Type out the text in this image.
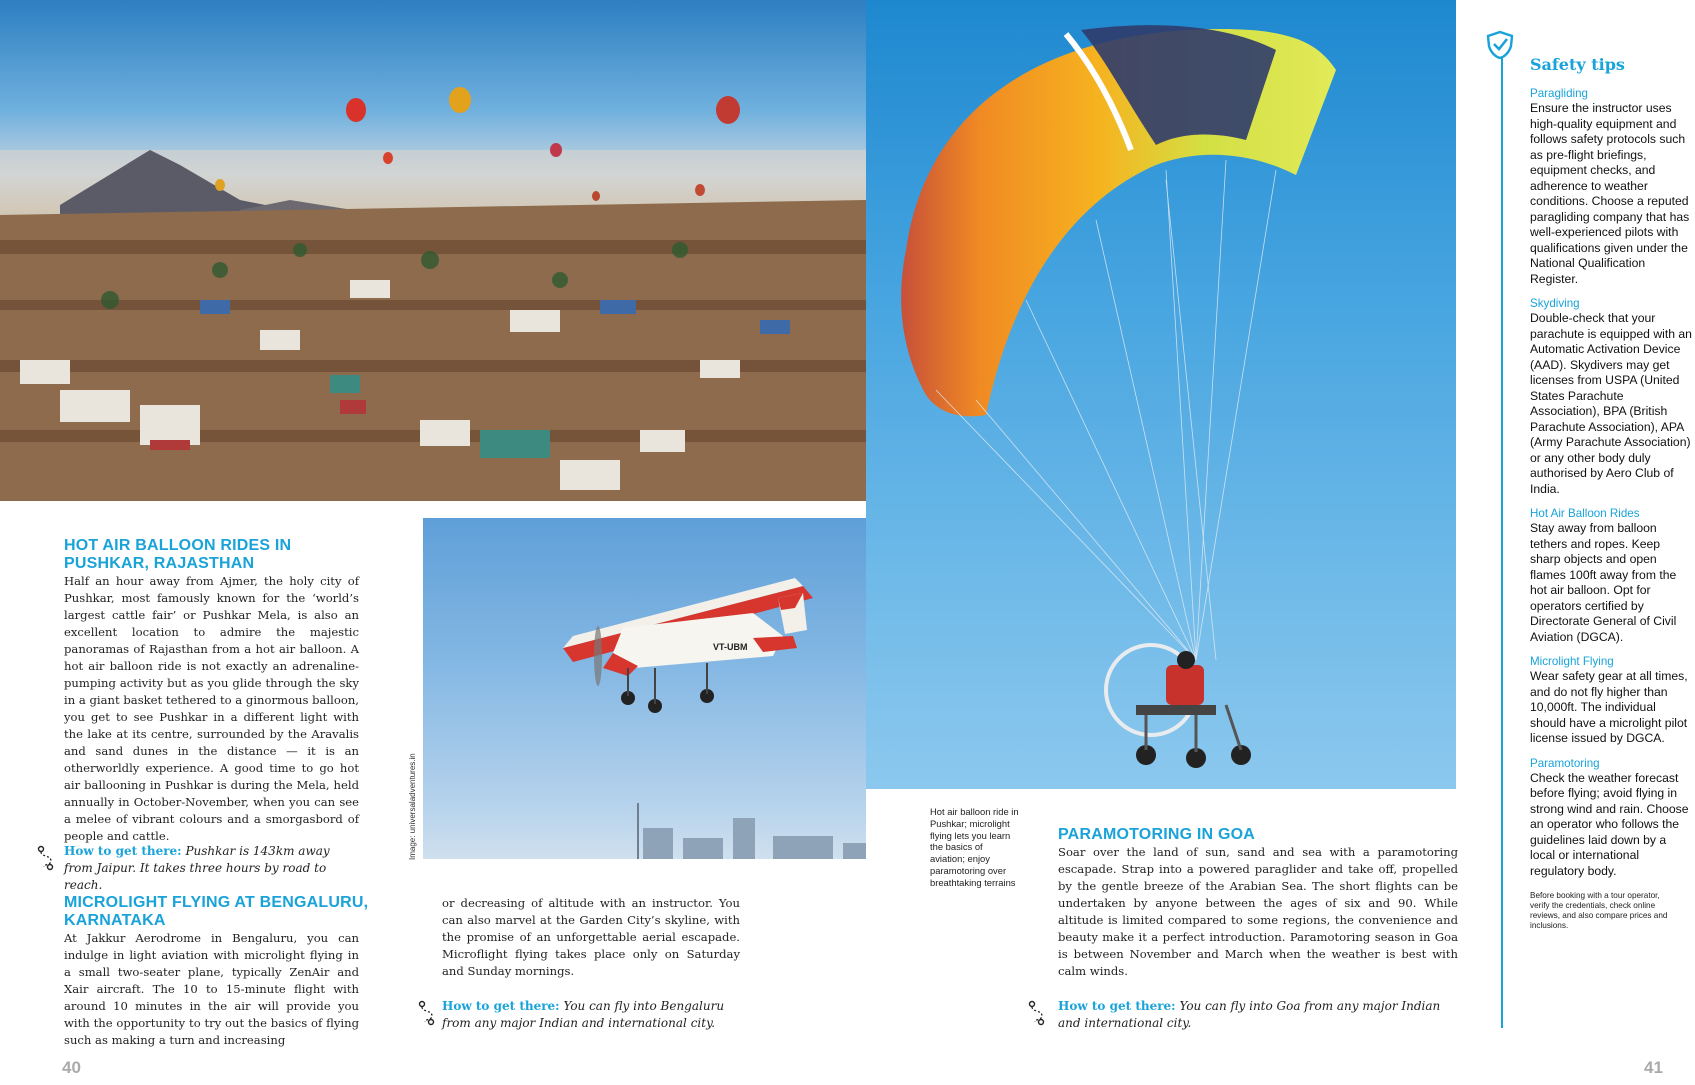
VT-UBM
Image: universaladventures.in
HOT AIR BALLOON RIDES IN PUSHKAR, RAJASTHAN
Half an hour away from Ajmer, the holy city of Pushkar, most famously known for the ‘world’s largest cattle fair’ or Pushkar Mela, is also an excellent location to admire the majestic panoramas of Rajasthan from a hot air balloon. A hot air balloon ride is not exactly an adrenaline-pumping activity but as you glide through the sky in a giant basket tethered to a ginormous balloon, you get to see Pushkar in a different light with the lake at its centre, surrounded by the Aravalis and sand dunes in the distance — it is an otherworldly experience. A good time to go hot air ballooning in Pushkar is during the Mela, held annually in October-November, when you can see a melee of vibrant colours and a smorgasbord of people and cattle.
How to get there: Pushkar is 143km away from Jaipur. It takes three hours by road to reach.
MICROLIGHT FLYING AT BENGALURU, KARNATAKA
At Jakkur Aerodrome in Bengaluru, you can indulge in light aviation with microlight flying in a small two-seater plane, typically ZenAir and Xair aircraft. The 10 to 15-minute flight with around 10 minutes in the air will provide you with the opportunity to try out the basics of flying such as making a turn and increasing
or decreasing of altitude with an instructor. You can also marvel at the Garden City’s skyline, with the promise of an unforgettable aerial escapade. Microflight flying takes place only on Saturday and Sunday mornings.
How to get there: You can fly into Bengaluru from any major Indian and international city.
Hot air balloon ride in Pushkar; microlight flying lets you learn the basics of aviation; enjoy paramotoring over breathtaking terrains
PARAMOTORING IN GOA
Soar over the land of sun, sand and sea with a paramotoring escapade. Strap into a powered paraglider and take off, propelled by the gentle breeze of the Arabian Sea. The short flights can be undertaken by anyone between the ages of six and 90. While altitude is limited compared to some regions, the convenience and beauty make it a perfect introduction. Paramotoring season in Goa is between November and March when the weather is best with calm winds.
How to get there: You can fly into Goa from any major Indian and international city.
Safety tips
Paragliding
Ensure the instructor uses high-quality equipment and follows safety protocols such as pre-flight briefings, equipment checks, and adherence to weather conditions. Choose a reputed paragliding company that has well-experienced pilots with qualifications given under the National Qualification Register.
Skydiving
Double-check that your parachute is equipped with an Automatic Activation Device (AAD). Skydivers may get licenses from USPA (United States Parachute Association), BPA (British Parachute Association), APA (Army Parachute Association) or any other body duly authorised by Aero Club of India.
Hot Air Balloon Rides
Stay away from balloon tethers and ropes. Keep sharp objects and open flames 100ft away from the hot air balloon. Opt for operators certified by Directorate General of Civil Aviation (DGCA).
Microlight Flying
Wear safety gear at all times, and do not fly higher than 10,000ft. The individual should have a microlight pilot license issued by DGCA.
Paramotoring
Check the weather forecast before flying; avoid flying in strong wind and rain. Choose an operator who follows the guidelines laid down by a local or international regulatory body.
Before booking with a tour operator, verify the credentials, check online reviews, and also compare prices and inclusions.
40	41
